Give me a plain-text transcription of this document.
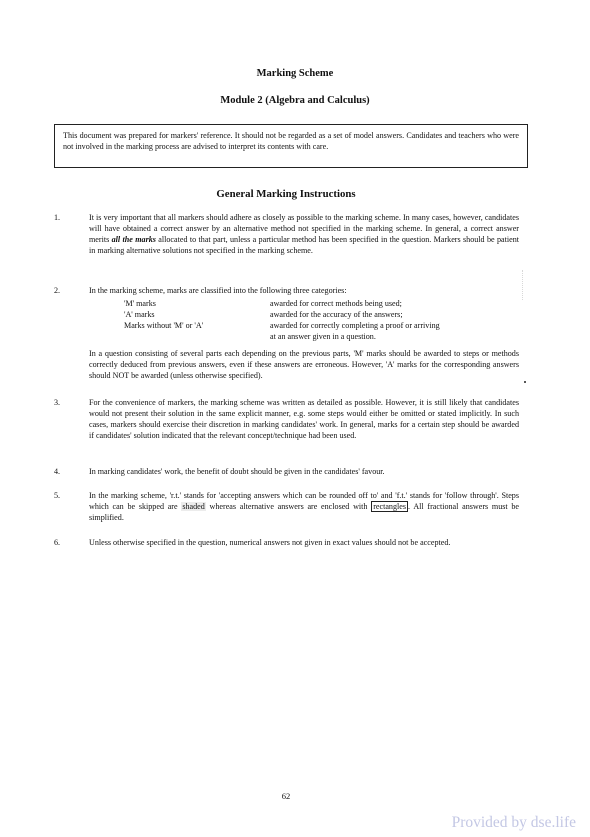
Marking Scheme
Module 2 (Algebra and Calculus)
This document was prepared for markers' reference. It should not be regarded as a set of model answers. Candidates and teachers who were not involved in the marking process are advised to interpret its contents with care.
General Marking Instructions
1.	It is very important that all markers should adhere as closely as possible to the marking scheme. In many cases, however, candidates will have obtained a correct answer by an alternative method not specified in the marking scheme. In general, a correct answer merits all the marks allocated to that part, unless a particular method has been specified in the question. Markers should be patient in marking alternative solutions not specified in the marking scheme.
2.	In the marking scheme, marks are classified into the following three categories:
'M' marks	awarded for correct methods being used;
'A' marks	awarded for the accuracy of the answers;
Marks without 'M' or 'A'	awarded for correctly completing a proof or arriving
at an answer given in a question.
In a question consisting of several parts each depending on the previous parts, 'M' marks should be awarded to steps or methods correctly deduced from previous answers, even if these answers are erroneous. However, 'A' marks for the corresponding answers should NOT be awarded (unless otherwise specified).
3.	For the convenience of markers, the marking scheme was written as detailed as possible. However, it is still likely that candidates would not present their solution in the same explicit manner, e.g. some steps would either be omitted or stated implicitly. In such cases, markers should exercise their discretion in marking candidates' work. In general, marks for a certain step should be awarded if candidates' solution indicated that the relevant concept/technique had been used.
4.	In marking candidates' work, the benefit of doubt should be given in the candidates' favour.
5.	In the marking scheme, 'r.t.' stands for 'accepting answers which can be rounded off to' and 'f.t.' stands for 'follow through'. Steps which can be skipped are shaded whereas alternative answers are enclosed with rectangles . All fractional answers must be simplified.
6.	Unless otherwise specified in the question, numerical answers not given in exact values should not be accepted.
62
Provided by dse.life
